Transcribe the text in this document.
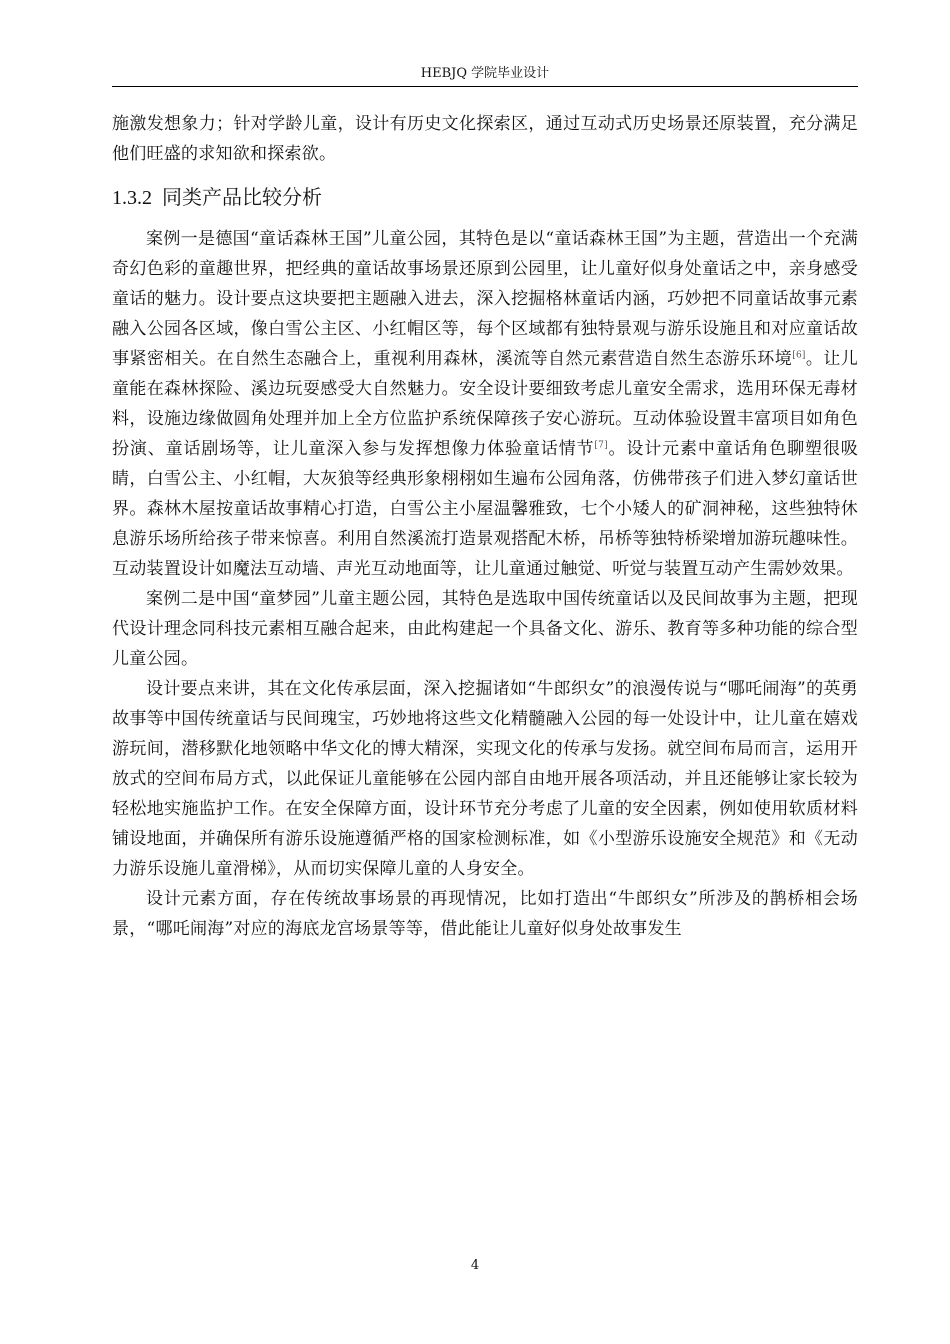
HEBJQ 学院毕业设计

施激发想象力；针对学龄儿童，设计有历史文化探索区，通过互动式历史场景还原装置，充分满足他们旺盛的求知欲和探索欲。

1.3.2 同类产品比较分析

案例一是德国“童话森林王国”儿童公园，其特色是以“童话森林王国”为主题，营造出一个充满奇幻色彩的童趣世界，把经典的童话故事场景还原到公园里，让儿童好似身处童话之中，亲身感受童话的魅力。设计要点这块要把主题融入进去，深入挖掘格林童话内涵，巧妙把不同童话故事元素融入公园各区域，像白雪公主区、小红帽区等，每个区域都有独特景观与游乐设施且和对应童话故事紧密相关。在自然生态融合上，重视利用森林，溪流等自然元素营造自然生态游乐环境[6]。让儿童能在森林探险、溪边玩耍感受大自然魅力。安全设计要细致考虑儿童安全需求，选用环保无毒材料，设施边缘做圆角处理并加上全方位监护系统保障孩子安心游玩。互动体验设置丰富项目如角色扮演、童话剧场等，让儿童深入参与发挥想像力体验童话情节[7]。设计元素中童话角色聊塑很吸睛，白雪公主、小红帽，大灰狼等经典形象栩栩如生遍布公园角落，仿佛带孩子们进入梦幻童话世界。森林木屋按童话故事精心打造，白雪公主小屋温馨雅致，七个小矮人的矿洞神秘，这些独特休息游乐场所给孩子带来惊喜。利用自然溪流打造景观搭配木桥，吊桥等独特桥梁增加游玩趣味性。互动装置设计如魔法互动墙、声光互动地面等，让儿童通过触觉、听觉与装置互动产生需妙效果。

案例二是中国“童梦园”儿童主题公园，其特色是选取中国传统童话以及民间故事为主题，把现代设计理念同科技元素相互融合起来，由此构建起一个具备文化、游乐、教育等多种功能的综合型儿童公园。

设计要点来讲，其在文化传承层面，深入挖掘诸如“牛郎织女”的浪漫传说与“哪吒闹海”的英勇故事等中国传统童话与民间瑰宝，巧妙地将这些文化精髓融入公园的每一处设计中，让儿童在嬉戏游玩间，潜移默化地领略中华文化的博大精深，实现文化的传承与发扬。就空间布局而言，运用开放式的空间布局方式，以此保证儿童能够在公园内部自由地开展各项活动，并且还能够让家长较为轻松地实施监护工作。在安全保障方面，设计环节充分考虑了儿童的安全因素，例如使用软质材料铺设地面，并确保所有游乐设施遵循严格的国家检测标准，如《小型游乐设施安全规范》和《无动力游乐设施儿童滑梯》，从而切实保障儿童的人身安全。

设计元素方面，存在传统故事场景的再现情况，比如打造出“牛郎织女”所涉及的鹊桥相会场景，“哪吒闹海”对应的海底龙宫场景等等，借此能让儿童好似身处故事发生

4
